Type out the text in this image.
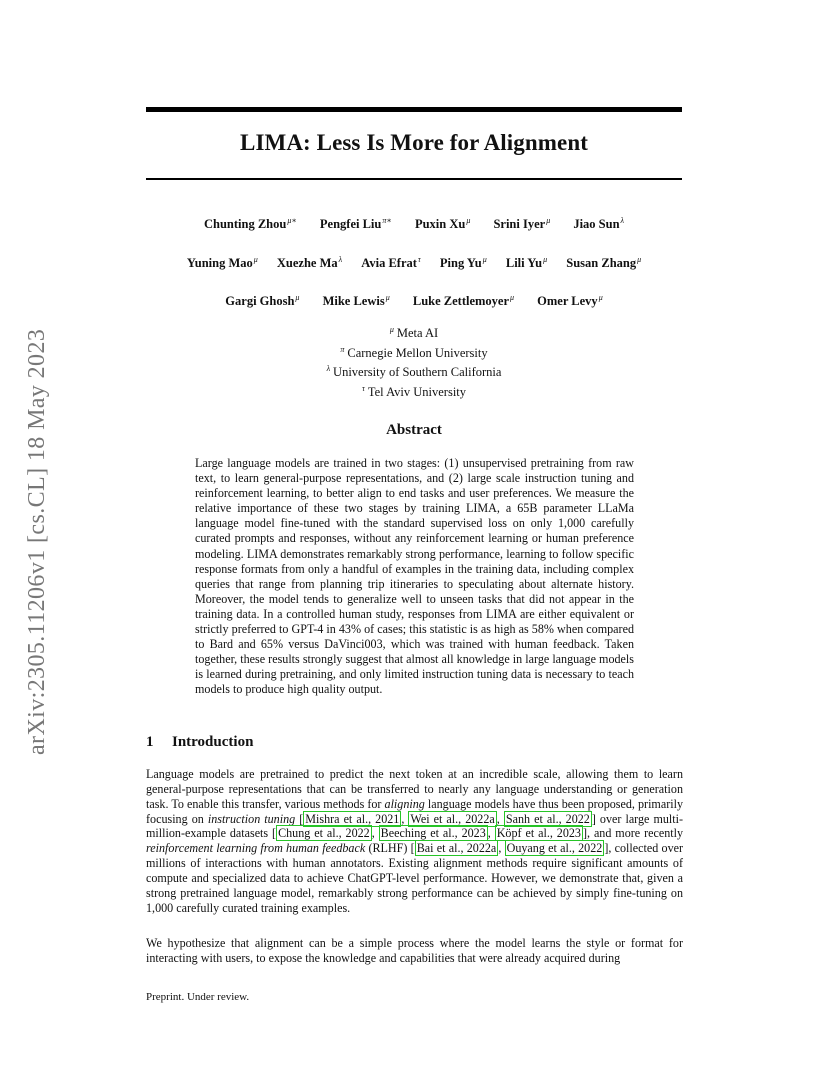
arXiv:2305.11206v1 [cs.CL] 18 May 2023
LIMA: Less Is More for Alignment
Chunting Zhou$^{\mu∗}$ Pengfei Liu$^{\pi∗}$ Puxin $Xu^\mu$ Srini Iyer$^\mu$ Jiao Sun$^\lambda$
Yuning Mao$^\mu$ Xuezhe $Ma^\lambda$ Avia Efrat$^\tau$ Ping $Yu^\mu$ Lili $Yu^\mu$ Susan Zhang$^\mu$
Gargi Ghosh$^\mu$ Mike Lewis$^\mu$ Luke Zettlemoyer$^\mu$ Omer Levy$^\mu$
$^\mu$ Meta AI
$^\pi$ Carnegie Mellon University
$^\lambda$ University of Southern California
$^\tau$ Tel Aviv University
Abstract

Large language models are trained in two stages: (1) unsupervised pretraining from raw text, to learn general-purpose representations, and (2) large scale instruction tuning and reinforcement learning, to better align to end tasks and user preferences. We measure the relative importance of these two stages by training LIMA, a 65B parameter LLaMa language model fine-tuned with the standard supervised loss on only 1,000 carefully curated prompts and responses, without any reinforcement learning or human preference modeling. LIMA demonstrates remarkably strong performance, learning to follow specific response formats from only a handful of examples in the training data, including complex queries that range from planning trip itineraries to speculating about alternate history. Moreover, the model tends to generalize well to unseen tasks that did not appear in the training data. In a controlled human study, responses from LIMA are either equivalent or strictly preferred to GPT-4 in 43% of cases; this statistic is as high as 58% when compared to Bard and 65% versus DaVinci003, which was trained with human feedback. Taken together, these results strongly suggest that almost all knowledge in large language models is learned during pretraining, and only limited instruction tuning data is necessary to teach models to produce high quality output.

1 Introduction

Language models are pretrained to predict the next token at an incredible scale, allowing them to learn general-purpose representations that can be transferred to nearly any language understanding or generation task. To enable this transfer, various methods for aligning language models have thus been proposed, primarily focusing on instruction tuning [ Mishra et al., 2021 , Wei et al., 2022a , Sanh et al., 2022 ] over large multi-million-example datasets [ Chung et al., 2022 , Beeching et al., 2023 , Köpf et al., 2023 ], and more recently reinforcement learning from human feedback (RLHF) [ Bai et al., 2022a , Ouyang et al., 2022 ], collected over millions of interactions with human annotators. Existing alignment methods require significant amounts of compute and specialized data to achieve ChatGPT-level performance. However, we demonstrate that, given a strong pretrained language model, remarkably strong performance can be achieved by simply fine-tuning on 1,000 carefully curated training examples.

We hypothesize that alignment can be a simple process where the model learns the style or format for interacting with users, to expose the knowledge and capabilities that were already acquired during

Preprint. Under review.
